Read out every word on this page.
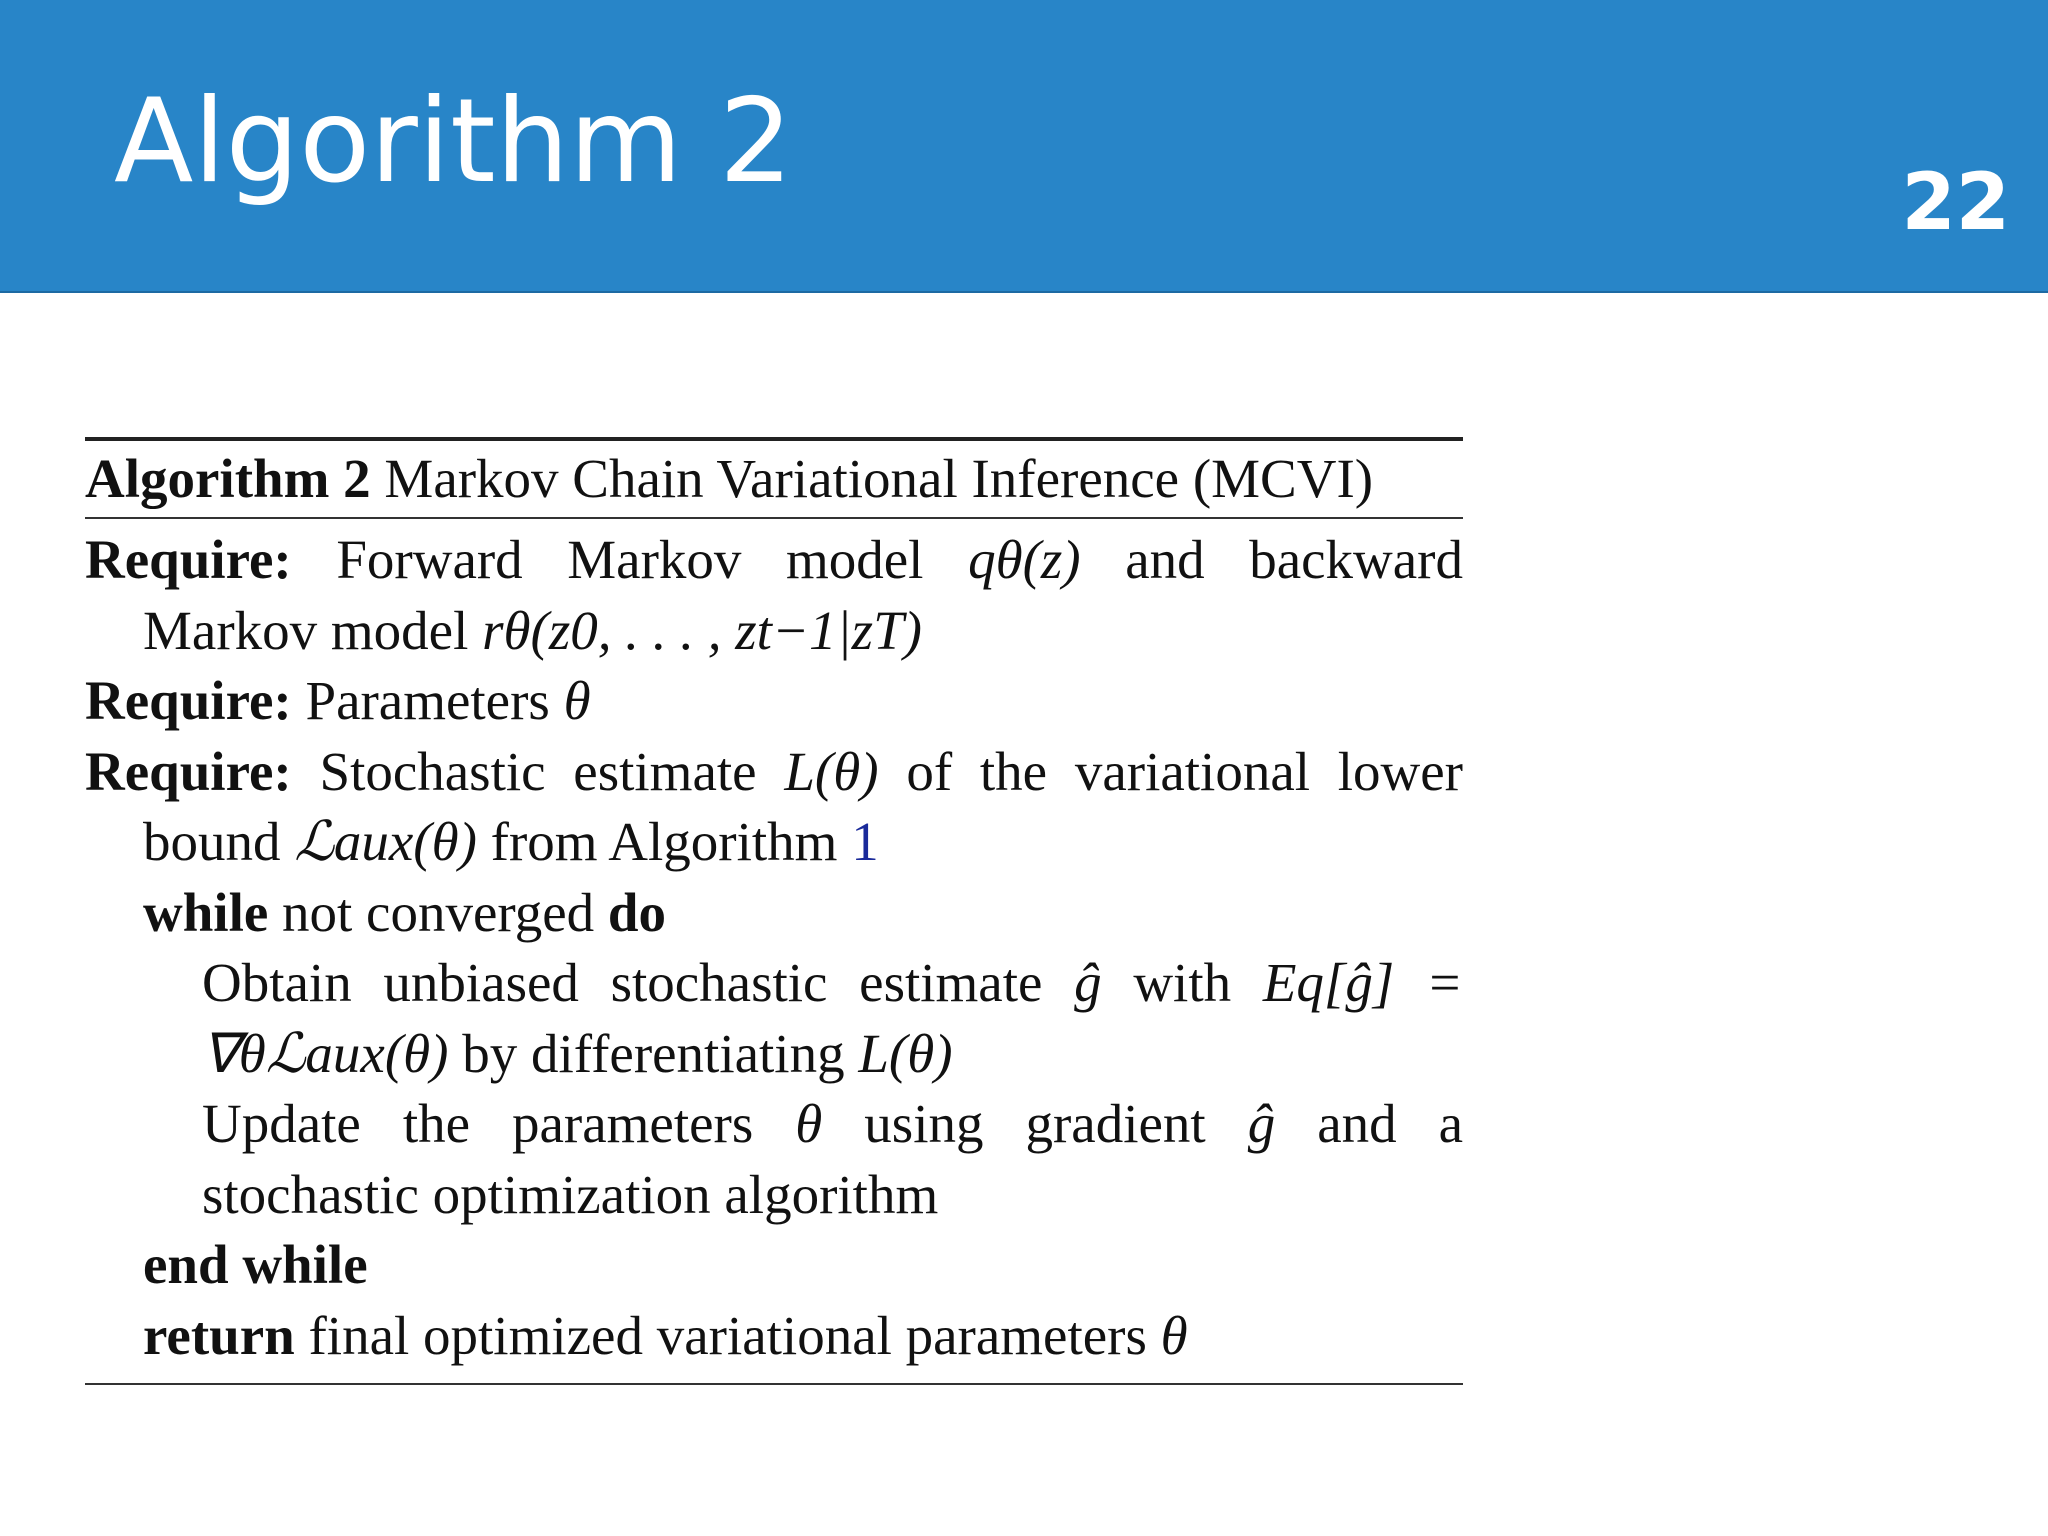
Algorithm 2	22
Algorithm 2 Markov Chain Variational Inference (MCVI)
Require: Forward Markov model qθ(z) and backward
Markov model rθ(z0, . . . , zt−1|zT)
Require: Parameters θ
Require: Stochastic estimate L(θ) of the variational lower
bound ℒaux(θ) from Algorithm 1
while not converged do
Obtain unbiased stochastic estimate ĝ with Eq[ĝ] =
∇θℒaux(θ) by differentiating L(θ)
Update the parameters θ using gradient ĝ and a
stochastic optimization algorithm
end while
return final optimized variational parameters θ
